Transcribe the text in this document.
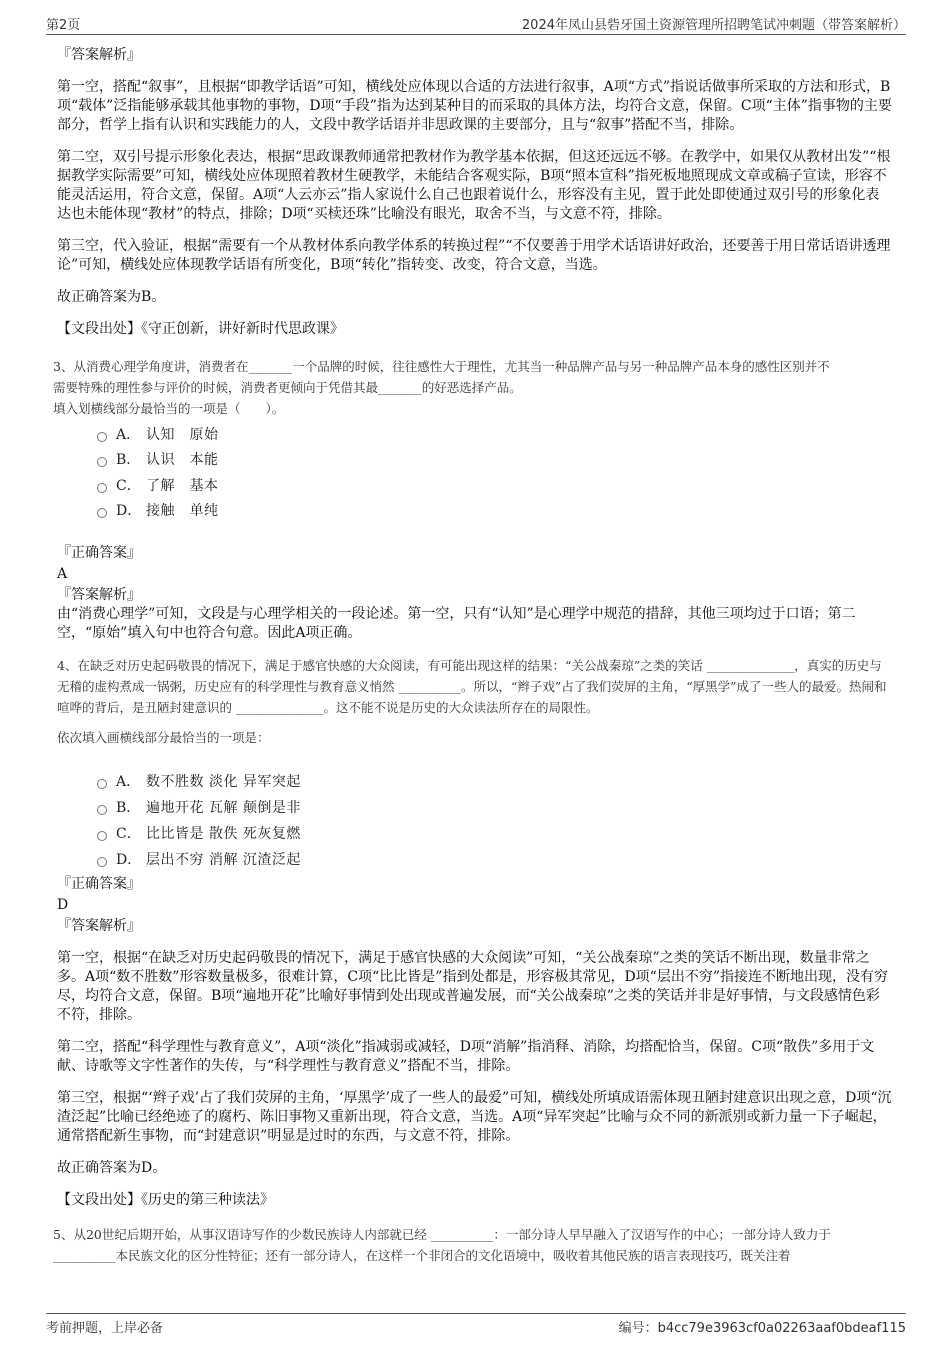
第2页	2024年凤山县砦牙国土资源管理所招聘笔试冲刺题（带答案解析）

『答案解析』

第一空，搭配“叙事”，且根据“即教学话语”可知，横线处应体现以合适的方法进行叙事，A项“方式”指说话做事所采取的方法和形式，B项“载体”泛指能够承载其他事物的事物，D项“手段”指为达到某种目的而采取的具体方法，均符合文意，保留。C项“主体”指事物的主要部分，哲学上指有认识和实践能力的人，文段中教学话语并非思政课的主要部分，且与“叙事”搭配不当，排除。

第二空，双引号提示形象化表达，根据“思政课教师通常把教材作为教学基本依据，但这还远远不够。在教学中，如果仅从教材出发”“根据教学实际需要”可知，横线处应体现照着教材生硬教学，未能结合客观实际，B项“照本宣科”指死板地照现成文章或稿子宣读，形容不能灵活运用，符合文意，保留。A项“人云亦云”指人家说什么自己也跟着说什么，形容没有主见，置于此处即使通过双引号的形象化表达也未能体现“教材”的特点，排除；D项“买椟还珠”比喻没有眼光，取舍不当，与文意不符，排除。

第三空，代入验证，根据“需要有一个从教材体系向教学体系的转换过程”“不仅要善于用学术话语讲好政治，还要善于用日常话语讲透理论”可知，横线处应体现教学话语有所变化，B项“转化”指转变、改变，符合文意，当选。

故正确答案为B。

【文段出处】《守正创新，讲好新时代思政课》

3、从消费心理学角度讲，消费者在_______一个品牌的时候，往往感性大于理性，尤其当一种品牌产品与另一种品牌产品本身的感性区别并不

需要特殊的理性参与评价的时候，消费者更倾向于凭借其最_______的好恶选择产品。

填入划横线部分最恰当的一项是（　　）。

A． 认知　原始
B． 认识　本能
C． 了解　基本
D． 接触　单纯

『正确答案』

A

『答案解析』

由“消费心理学”可知，文段是与心理学相关的一段论述。第一空，只有“认知”是心理学中规范的措辞，其他三项均过于口语；第二空，“原始”填入句中也符合句意。因此A项正确。

4、在缺乏对历史起码敬畏的情况下，满足于感官快感的大众阅读，有可能出现这样的结果：“关公战秦琼”之类的笑话 ______________，真实的历史与无稽的虚构煮成一锅粥，历史应有的科学理性与教育意义悄然 __________。所以，“辫子戏”占了我们荧屏的主角，“厚黑学”成了一些人的最爱。热闹和喧哗的背后，是丑陋封建意识的 ______________。这不能不说是历史的大众读法所存在的局限性。

依次填入画横线部分最恰当的一项是：

A． 数不胜数 淡化 异军突起
B． 遍地开花 瓦解 颠倒是非
C． 比比皆是 散佚 死灰复燃
D． 层出不穷 消解 沉渣泛起

『正确答案』

D

『答案解析』

第一空，根据“在缺乏对历史起码敬畏的情况下，满足于感官快感的大众阅读”可知，“关公战秦琼”之类的笑话不断出现，数量非常之多。A项“数不胜数”形容数量极多，很难计算，C项“比比皆是”指到处都是，形容极其常见，D项“层出不穷”指接连不断地出现，没有穷尽，均符合文意，保留。B项“遍地开花”比喻好事情到处出现或普遍发展，而“关公战秦琼”之类的笑话并非是好事情，与文段感情色彩不符，排除。

第二空，搭配“科学理性与教育意义”，A项“淡化”指减弱或减轻，D项“消解”指消释、消除，均搭配恰当，保留。C项“散佚”多用于文献、诗歌等文字性著作的失传，与“科学理性与教育意义”搭配不当，排除。

第三空，根据“‘辫子戏’占了我们荧屏的主角，‘厚黑学’成了一些人的最爱”可知，横线处所填成语需体现丑陋封建意识出现之意，D项“沉渣泛起”比喻已经绝迹了的腐朽、陈旧事物又重新出现，符合文意，当选。A项“异军突起”比喻与众不同的新派别或新力量一下子崛起，通常搭配新生事物，而“封建意识”明显是过时的东西，与文意不符，排除。

故正确答案为D。

【文段出处】《历史的第三种读法》

5、从20世纪后期开始，从事汉语诗写作的少数民族诗人内部就已经 __________：一部分诗人早早融入了汉语写作的中心；一部分诗人致力于 __________本民族文化的区分性特征；还有一部分诗人，在这样一个非闭合的文化语境中，吸收着其他民族的语言表现技巧，既关注着

考前押题，上岸必备	编号：b4cc79e3963cf0a02263aaf0bdeaf115
